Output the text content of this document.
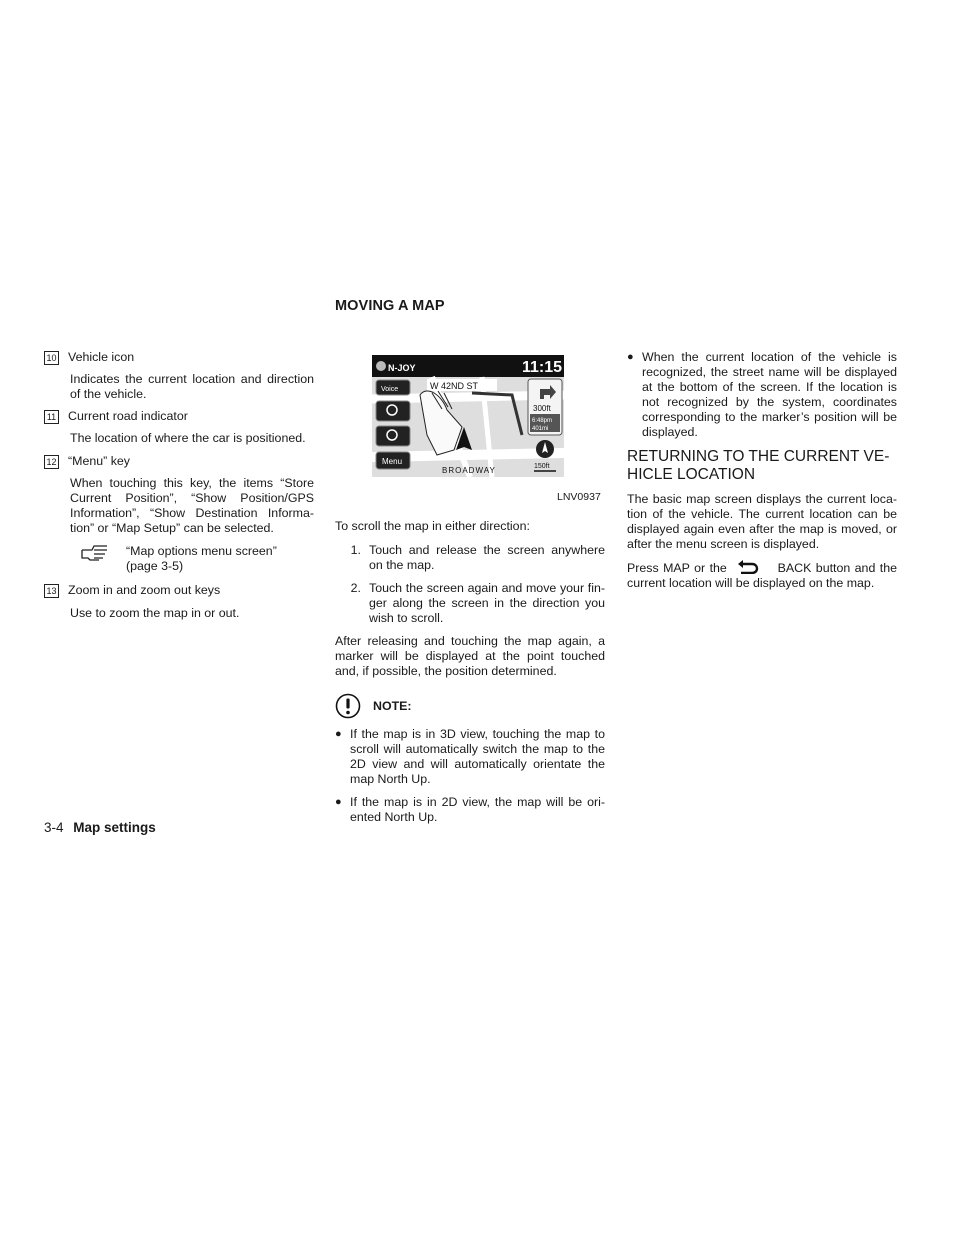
10 Vehicle icon

Indicates the current location and direction of the vehicle.

11 Current road indicator

The location of where the car is positioned.

12 “Menu” key

When touching this key, the items “Store Current Position”, “Show Position/GPS Information”, “Show Destination Informa-tion” or “Map Setup” can be selected.

“Map options menu screen”
(page 3-5)
13 Zoom in and zoom out keys

Use to zoom the map in or out.

MOVING A MAP
N-JOY	11:15
W 42ND ST
BROADWAY
Voice
Menu
300ft
6:48pm
401mi
150ft
LNV0937

To scroll the map in either direction:

1. Touch and release the screen anywhere on the map.
2. Touch the screen again and move your fin-ger along the screen in the direction you wish to scroll.

After releasing and touching the map again, a marker will be displayed at the point touched and, if possible, the position determined.

NOTE:
● If the map is in 3D view, touching the map to scroll will automatically switch the map to the 2D view and will automatically orientate the map North Up.
● If the map is in 2D view, the map will be ori-ented North Up.
● When the current location of the vehicle is recognized, the street name will be displayed at the bottom of the screen. If the location is not recognized by the system, coordinates corresponding to the marker’s position will be displayed.
RETURNING TO THE CURRENT VE-
HICLE LOCATION

The basic map screen displays the current loca-tion of the vehicle. The current location can be displayed again even after the map is moved, or after the menu screen is displayed.

Press MAP or the	BACK button and the current location will be displayed on the map.

3-4 Map settings
